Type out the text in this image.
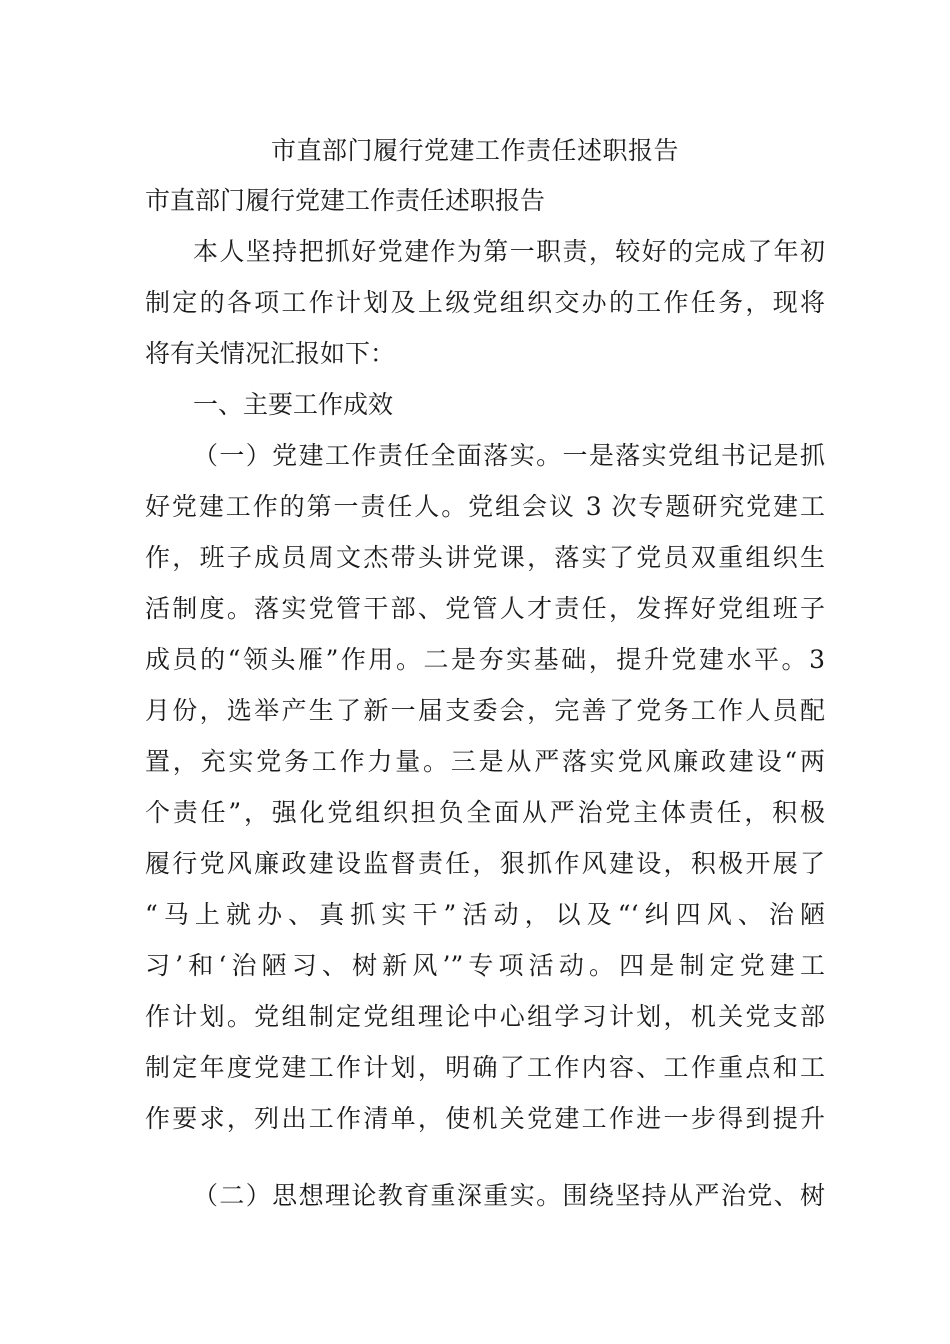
市直部门履行党建工作责任述职报告
市直部门履行党建工作责任述职报告
本人坚持把抓好党建作为第一职责，较好的完成了年初
制定的各项工作计划及上级党组织交办的工作任务，现将
将有关情况汇报如下：
一、主要工作成效
（一）党建工作责任全面落实。一是落实党组书记是抓
好党建工作的第一责任人。党组会议 3 次专题研究党建工
作，班子成员周文杰带头讲党课，落实了党员双重组织生
活制度。落实党管干部、党管人才责任，发挥好党组班子
成员的“领头雁”作用。二是夯实基础，提升党建水平。3
月份，选举产生了新一届支委会，完善了党务工作人员配
置，充实党务工作力量。三是从严落实党风廉政建设“两
个责任”，强化党组织担负全面从严治党主体责任，积极
履行党风廉政建设监督责任，狠抓作风建设，积极开展了
“马上就办、真抓实干”活动，以及“‘纠四风、治陋
习’和‘治陋习、树新风’”专项活动。四是制定党建工
作计划。党组制定党组理论中心组学习计划，机关党支部
制定年度党建工作计划，明确了工作内容、工作重点和工
作要求，列出工作清单，使机关党建工作进一步得到提升
（二）思想理论教育重深重实。围绕坚持从严治党、树
